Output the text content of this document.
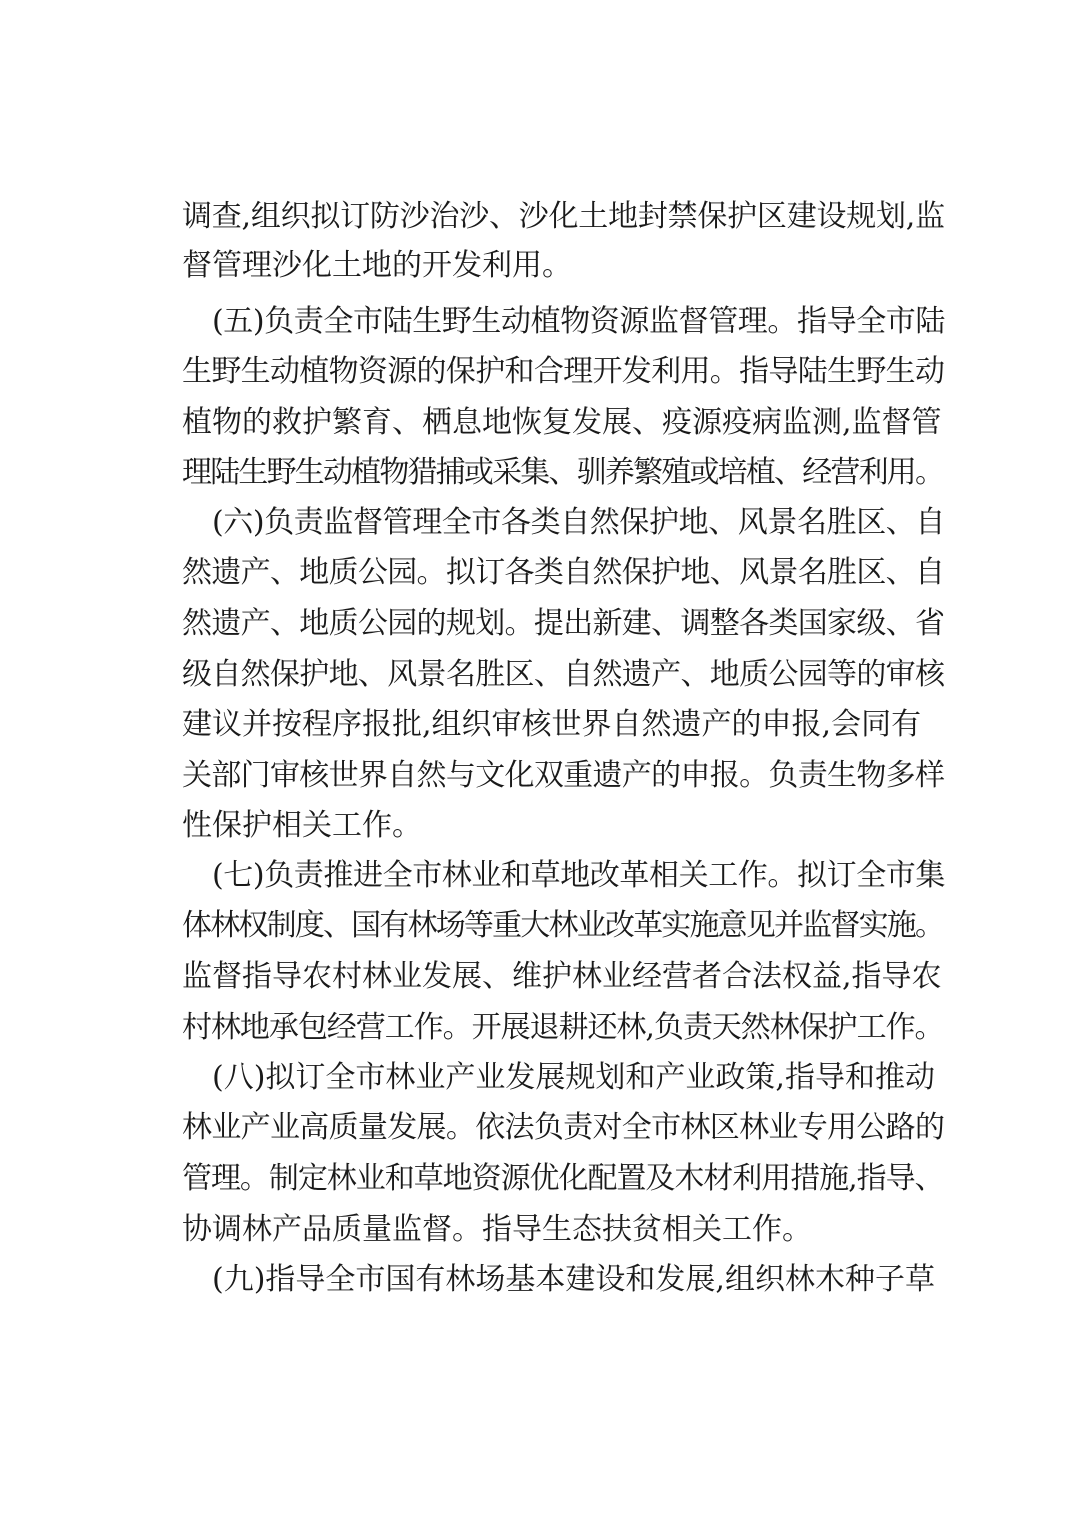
调查,组织拟订防沙治沙、沙化土地封禁保护区建设规划,监
督管理沙化土地的开发利用。
(五)负责全市陆生野生动植物资源监督管理。指导全市陆
生野生动植物资源的保护和合理开发利用。指导陆生野生动
植物的救护繁育、栖息地恢复发展、疫源疫病监测,监督管
理陆生野生动植物猎捕或采集、驯养繁殖或培植、经营利用。
(六)负责监督管理全市各类自然保护地、风景名胜区、自
然遗产、地质公园。拟订各类自然保护地、风景名胜区、自
然遗产、地质公园的规划。提出新建、调整各类国家级、省
级自然保护地、风景名胜区、自然遗产、地质公园等的审核
建议并按程序报批,组织审核世界自然遗产的申报,会同有
关部门审核世界自然与文化双重遗产的申报。负责生物多样
性保护相关工作。
(七)负责推进全市林业和草地改革相关工作。拟订全市集
体林权制度、国有林场等重大林业改革实施意见并监督实施。
监督指导农村林业发展、维护林业经营者合法权益,指导农
村林地承包经营工作。开展退耕还林,负责天然林保护工作。
(八)拟订全市林业产业发展规划和产业政策,指导和推动
林业产业高质量发展。依法负责对全市林区林业专用公路的
管理。制定林业和草地资源优化配置及木材利用措施,指导、
协调林产品质量监督。指导生态扶贫相关工作。
(九)指导全市国有林场基本建设和发展,组织林木种子草
